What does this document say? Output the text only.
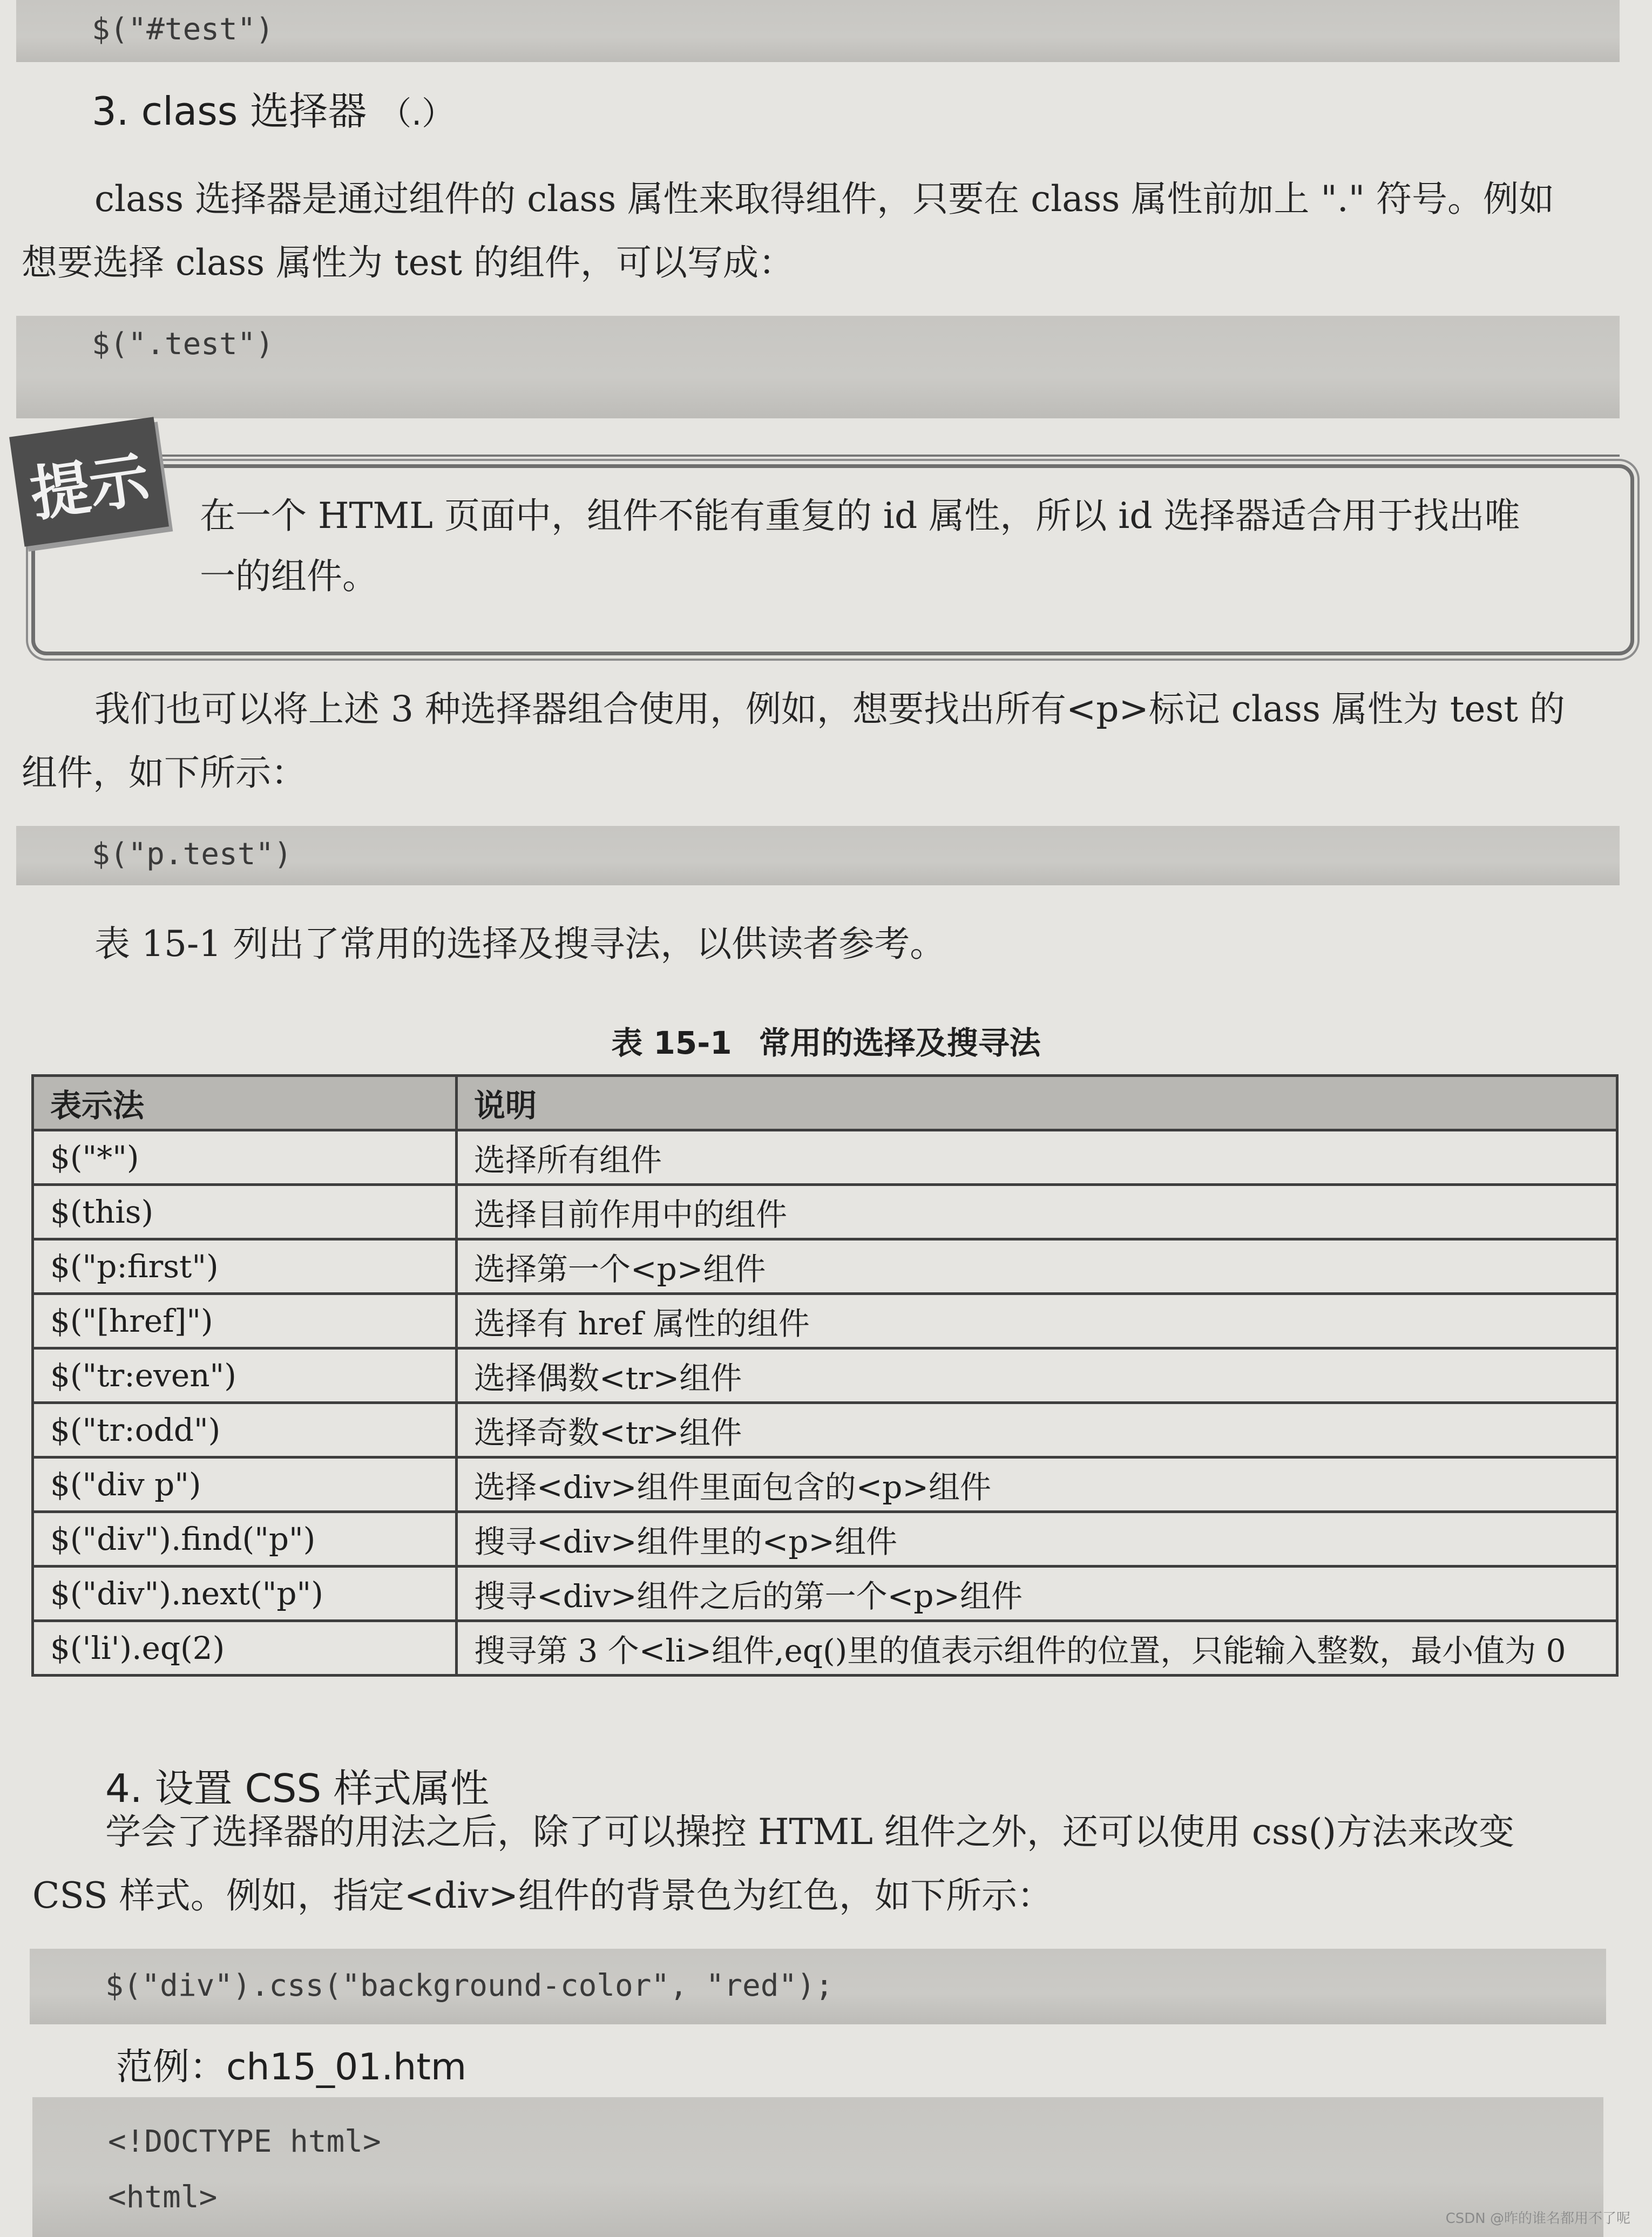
$("#test")
3. class 选择器 （.）
class 选择器是通过组件的 class 属性来取得组件，只要在 class 属性前加上 "." 符号。例如
想要选择 class 属性为 test 的组件，可以写成：
$(".test")
提示 在一个 HTML 页面中，组件不能有重复的 id 属性，所以 id 选择器适合用于找出唯
一的组件。
我们也可以将上述 3 种选择器组合使用，例如，想要找出所有<p>标记 class 属性为 test 的
组件，如下所示：
$("p.test")
表 15-1 列出了常用的选择及搜寻法，以供读者参考。
表 15-1 常用的选择及搜寻法
表示法	说明
$("*")	选择所有组件
$(this)	选择目前作用中的组件
$("p:first")	选择第一个<p>组件
$("[href]")	选择有 href 属性的组件
$("tr:even")	选择偶数<tr>组件
$("tr:odd")	选择奇数<tr>组件
$("div p")	选择<div>组件里面包含的<p>组件
$("div").find("p")	搜寻<div>组件里的<p>组件
$("div").next("p")	搜寻<div>组件之后的第一个<p>组件
$('li').eq(2)	搜寻第 3 个<li>组件,eq()里的值表示组件的位置，只能输入整数，最小值为 0
4. 设置 CSS 样式属性
学会了选择器的用法之后，除了可以操控 HTML 组件之外，还可以使用 css()方法来改变
CSS 样式。例如，指定<div>组件的背景色为红色，如下所示：
$("div").css("background-color", "red");
范例：ch15_01.htm
<!DOCTYPE html>
<html>
CSDN @昨的谁名都用不了呢
